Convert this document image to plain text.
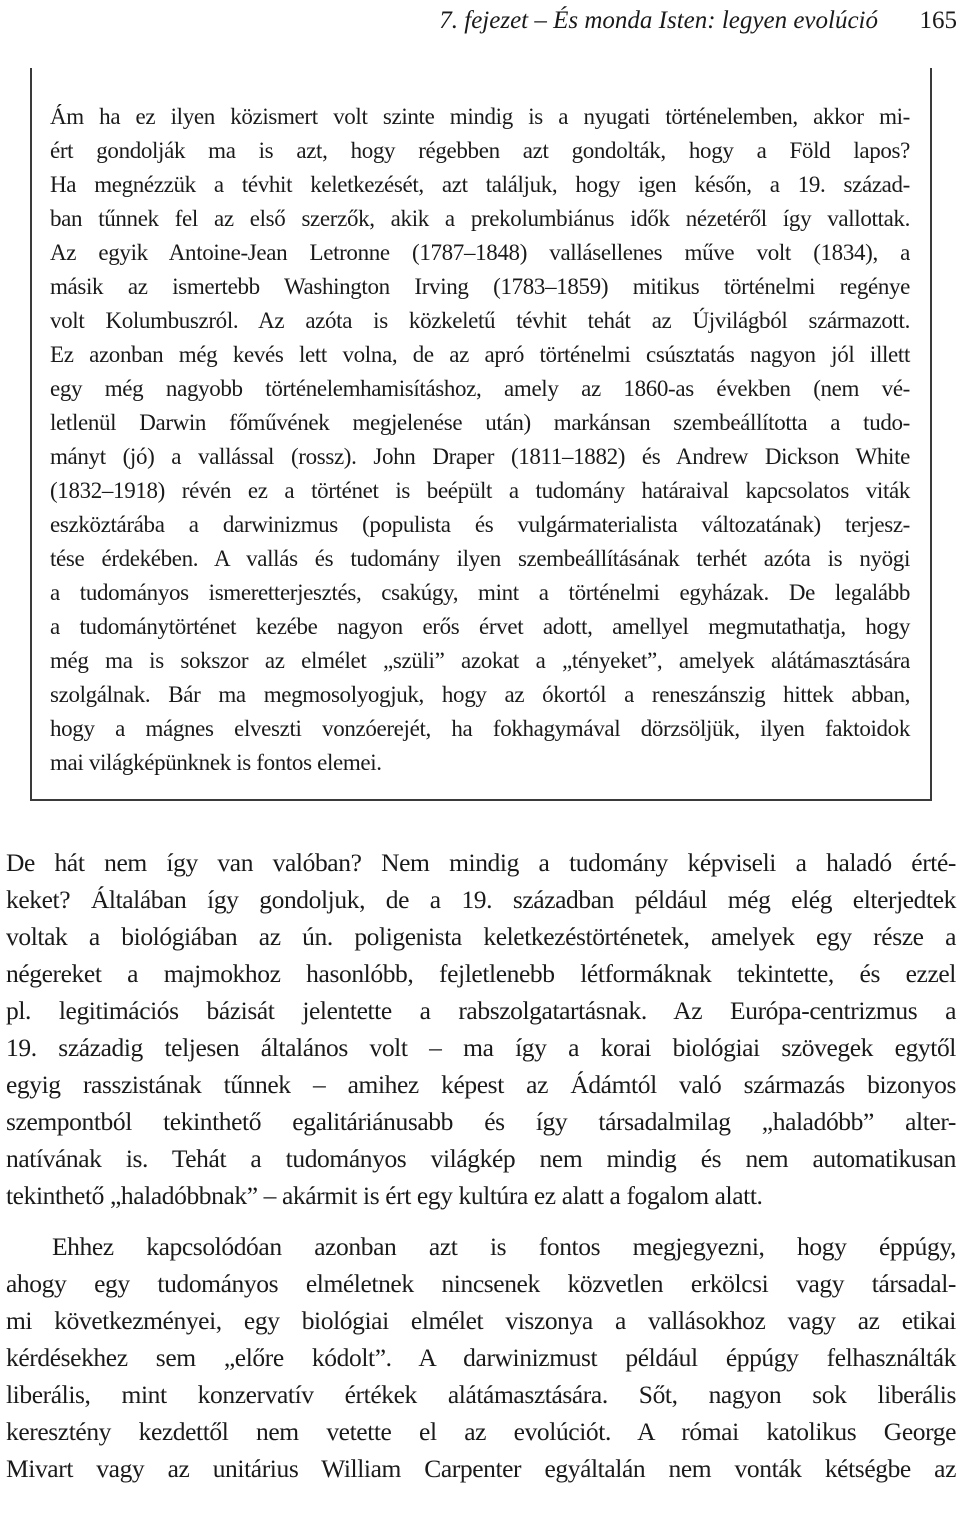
7. fejezet – És monda Isten: legyen evolúció 165
Ám ha ez ilyen közismert volt szinte mindig is a nyugati történelemben, akkor mi-
ért gondolják ma is azt, hogy régebben azt gondolták, hogy a Föld lapos?
Ha megnézzük a tévhit keletkezését, azt találjuk, hogy igen későn, a 19. század-
ban tűnnek fel az első szerzők, akik a prekolumbiánus idők nézetéről így vallottak.
Az egyik Antoine-Jean Letronne (1787–1848) vallásellenes műve volt (1834), a
másik az ismertebb Washington Irving (1783–1859) mitikus történelmi regénye
volt Kolumbuszról. Az azóta is közkeletű tévhit tehát az Újvilágból származott.
Ez azonban még kevés lett volna, de az apró történelmi csúsztatás nagyon jól illett
egy még nagyobb történelemhamisításhoz, amely az 1860-as években (nem vé-
letlenül Darwin főművének megjelenése után) markánsan szembeállította a tudo-
mányt (jó) a vallással (rossz). John Draper (1811–1882) és Andrew Dickson White
(1832–1918) révén ez a történet is beépült a tudomány határaival kapcsolatos viták
eszköztárába a darwinizmus (populista és vulgármaterialista változatának) terjesz-
tése érdekében. A vallás és tudomány ilyen szembeállításának terhét azóta is nyögi
a tudományos ismeretterjesztés, csakúgy, mint a történelmi egyházak. De legalább
a tudománytörténet kezébe nagyon erős érvet adott, amellyel megmutathatja, hogy
még ma is sokszor az elmélet „szüli” azokat a „tényeket”, amelyek alátámasztására
szolgálnak. Bár ma megmosolyogjuk, hogy az ókortól a reneszánszig hittek abban,
hogy a mágnes elveszti vonzóerejét, ha fokhagymával dörzsöljük, ilyen faktoidok
mai világképünknek is fontos elemei.
De hát nem így van valóban? Nem mindig a tudomány képviseli a haladó érté-
keket? Általában így gondoljuk, de a 19. században például még elég elterjedtek
voltak a biológiában az ún. poligenista keletkezéstörténetek, amelyek egy része a
négereket a majmokhoz hasonlóbb, fejletlenebb létformáknak tekintette, és ezzel
pl. legitimációs bázisát jelentette a rabszolgatartásnak. Az Európa-centrizmus a
19. századig teljesen általános volt – ma így a korai biológiai szövegek egytől
egyig rasszistának tűnnek – amihez képest az Ádámtól való származás bizonyos
szempontból tekinthető egalitáriánusabb és így társadalmilag „haladóbb” alter-
natívának is. Tehát a tudományos világkép nem mindig és nem automatikusan
tekinthető „haladóbbnak” – akármit is ért egy kultúra ez alatt a fogalom alatt.
Ehhez kapcsolódóan azonban azt is fontos megjegyezni, hogy éppúgy,
ahogy egy tudományos elméletnek nincsenek közvetlen erkölcsi vagy társadal-
mi következményei, egy biológiai elmélet viszonya a vallásokhoz vagy az etikai
kérdésekhez sem „előre kódolt”. A darwinizmust például éppúgy felhasználták
liberális, mint konzervatív értékek alátámasztására. Sőt, nagyon sok liberális
keresztény kezdettől nem vetette el az evolúciót. A római katolikus George
Mivart vagy az unitárius William Carpenter egyáltalán nem vonták kétségbe az
